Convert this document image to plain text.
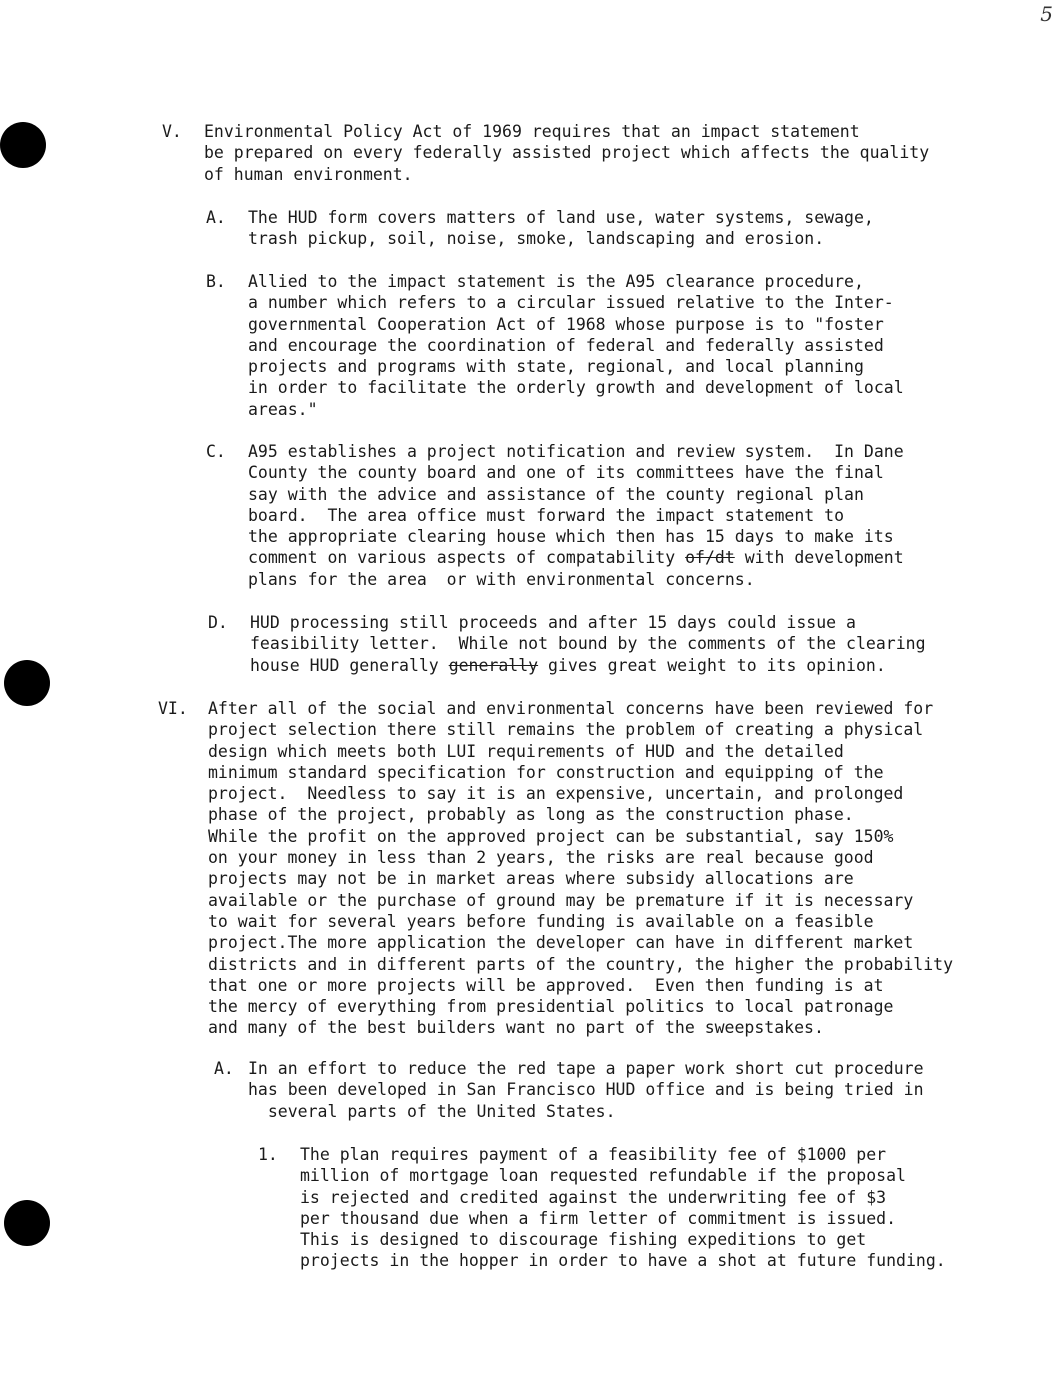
5
V. Environmental Policy Act of 1969 requires that an impact statement
be prepared on every federally assisted project which affects the quality
of human environment.
A. The HUD form covers matters of land use, water systems, sewage,
trash pickup, soil, noise, smoke, landscaping and erosion.
B. Allied to the impact statement is the A95 clearance procedure,
a number which refers to a circular issued relative to the Inter-
governmental Cooperation Act of 1968 whose purpose is to "foster
and encourage the coordination of federal and federally assisted
projects and programs with state, regional, and local planning
in order to facilitate the orderly growth and development of local
areas."
C. A95 establishes a project notification and review system.  In Dane
County the county board and one of its committees have the final
say with the advice and assistance of the county regional plan
board.  The area office must forward the impact statement to
the appropriate clearing house which then has 15 days to make its
comment on various aspects of compatability of/dt with development
plans for the area  or with environmental concerns.
D. HUD processing still proceeds and after 15 days could issue a
feasibility letter.  While not bound by the comments of the clearing
house HUD generally generally gives great weight to its opinion.
VI. After all of the social and environmental concerns have been reviewed for
project selection there still remains the problem of creating a physical
design which meets both LUI requirements of HUD and the detailed
minimum standard specification for construction and equipping of the
project.  Needless to say it is an expensive, uncertain, and prolonged
phase of the project, probably as long as the construction phase.
While the profit on the approved project can be substantial, say 150%
on your money in less than 2 years, the risks are real because good
projects may not be in market areas where subsidy allocations are
available or the purchase of ground may be premature if it is necessary
to wait for several years before funding is available on a feasible
project.The more application the developer can have in different market
districts and in different parts of the country, the higher the probability
that one or more projects will be approved.  Even then funding is at
the mercy of everything from presidential politics to local patronage
and many of the best builders want no part of the sweepstakes.
A. In an effort to reduce the red tape a paper work short cut procedure
has been developed in San Francisco HUD office and is being tried in
several parts of the United States.
1. The plan requires payment of a feasibility fee of $1000 per
million of mortgage loan requested refundable if the proposal
is rejected and credited against the underwriting fee of $3
per thousand due when a firm letter of commitment is issued.
This is designed to discourage fishing expeditions to get
projects in the hopper in order to have a shot at future funding.
